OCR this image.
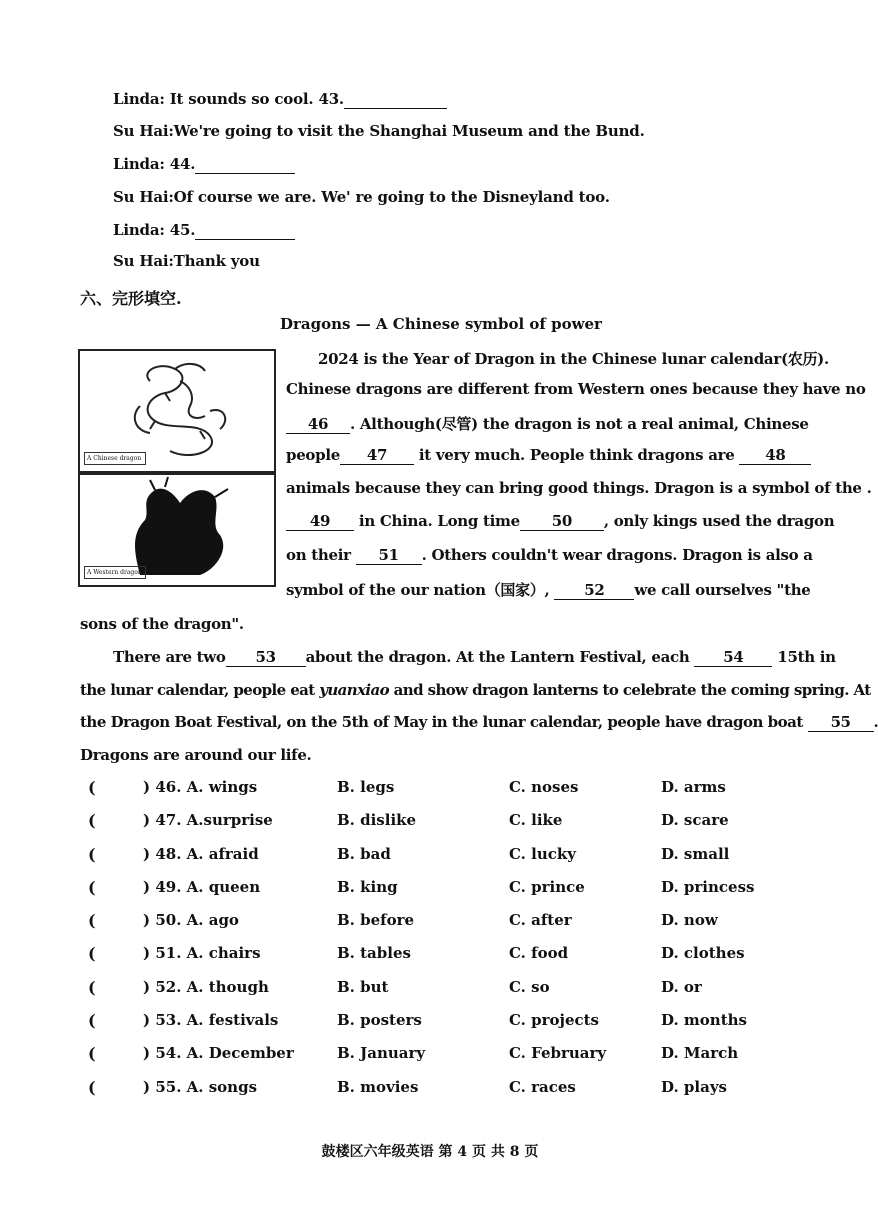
Linda: It sounds so cool. 43.
Su Hai:We're going to visit the Shanghai Museum and the Bund.
Linda: 44.
Su Hai:Of course we are. We' re going to the Disneyland too.
Linda: 45.
Su Hai:Thank you
六、完形填空.
Dragons — A Chinese symbol of power
A Chinese dragon
A Western dragon
2024 is the Year of Dragon in the Chinese lunar calendar(农历).
Chinese dragons are different from Western ones because they have no
46 . Although(尽管) the dragon is not a real animal, Chinese
people 47 it very much. People think dragons are 48
animals because they can bring good things. Dragon is a symbol of the .
49 in China. Long time 50 , only kings used the dragon
on their 51 . Others couldn't wear dragons. Dragon is also a
symbol of the our nation（国家）, 52 we call ourselves "the
sons of the dragon".
There are two 53 about the dragon. At the Lantern Festival, each 54 15th in
the lunar calendar, people eat yuanxiao and show dragon lanterns to celebrate the coming spring. At
the Dragon Boat Festival, on the 5th of May in the lunar calendar, people have dragon boat 55 .
Dragons are around our life.
(	) 46. A. wings	B. legs	C. noses	D. arms
(	) 47. A.surprise	B. dislike	C. like	D. scare
(	) 48. A. afraid	B. bad	C. lucky	D. small
(	) 49. A. queen	B. king	C. prince	D. princess
(	) 50. A. ago	B. before	C. after	D. now
(	) 51. A. chairs	B. tables	C. food	D. clothes
(	) 52. A. though	B. but	C. so	D. or
(	) 53. A. festivals	B. posters	C. projects	D. months
(	) 54. A. December	B. January	C. February	D. March
(	) 55. A. songs	B. movies	C. races	D. plays
鼓楼区六年级英语 第 4 页 共 8 页
